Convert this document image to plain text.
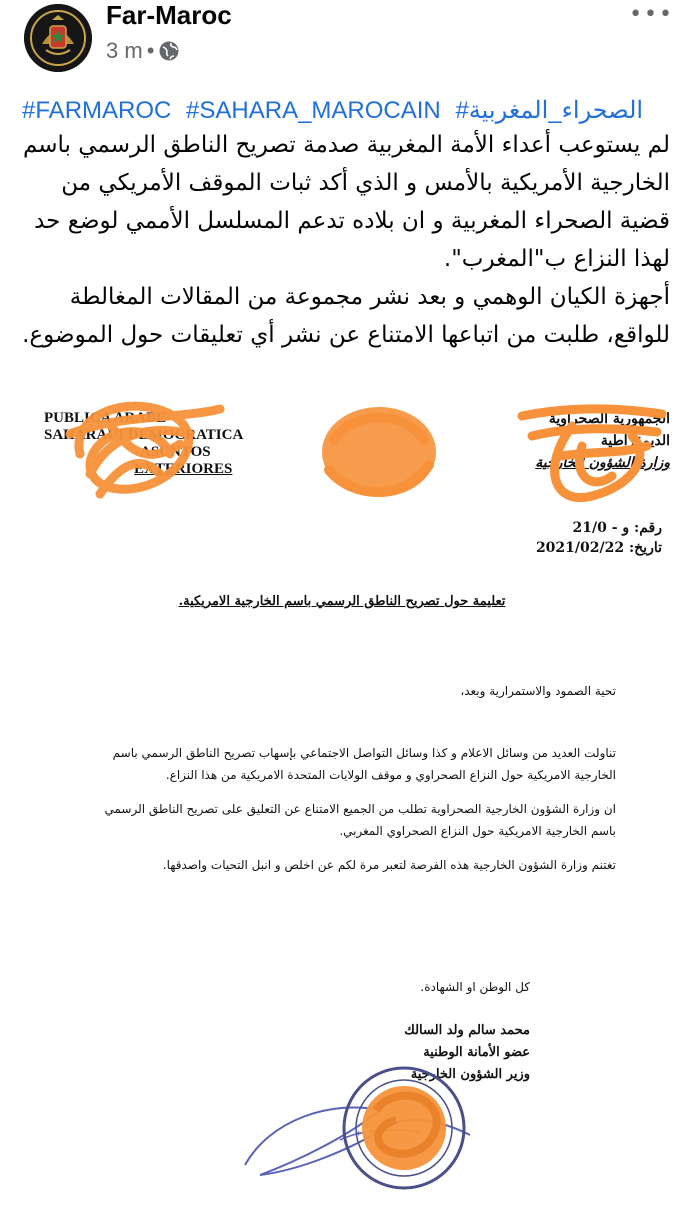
Far-Maroc
3 m •
•••
#FARMAROC #SAHARA_MAROCAIN #الصحراء_المغربية

لم يستوعب أعداء الأمة المغربية صدمة تصريح الناطق الرسمي باسم

الخارجية الأمريكية بالأمس و الذي أكد ثبات الموقف الأمريكي من

قضية الصحراء المغربية و ان بلاده تدعم المسلسل الأممي لوضع حد

لهذا النزاع ب"المغرب".

أجهزة الكيان الوهمي و بعد نشر مجموعة من المقالات المغالطة

للواقع، طلبت من اتباعها الامتناع عن نشر أي تعليقات حول الموضوع.

PUBLICA ARABE
SAHARAUI DEMOCRATICA
ASUNTOS
EXTERIORES
الجمهورية الصحراوية
الديمقراطية
وزارة الشؤون الخارجية
رقم: و - 21/0
تاريخ: 2021/02/22
تعليمة حول تصريح الناطق الرسمي باسم الخارجية الامريكية.

تحية الصمود والاستمرارية وبعد،

تناولت العديد من وسائل الاعلام و كذا وسائل التواصل الاجتماعي بإسهاب تصريح الناطق الرسمي باسم الخارجية الامريكية حول النزاع الصحراوي و موقف الولايات المتحدة الامريكية من هذا النزاع.

ان وزارة الشؤون الخارجية الصحراوية تطلب من الجميع الامتناع عن التعليق على تصريح الناطق الرسمي باسم الخارجية الامريكية حول النزاع الصحراوي المغربي.

تغتنم وزارة الشؤون الخارجية هذه الفرصة لتعبر مرة لكم عن اخلص و انبل التحيات واصدقها.

كل الوطن او الشهادة.
محمد سالم ولد السالك
عضو الأمانة الوطنية
وزير الشؤون الخارجية
*
